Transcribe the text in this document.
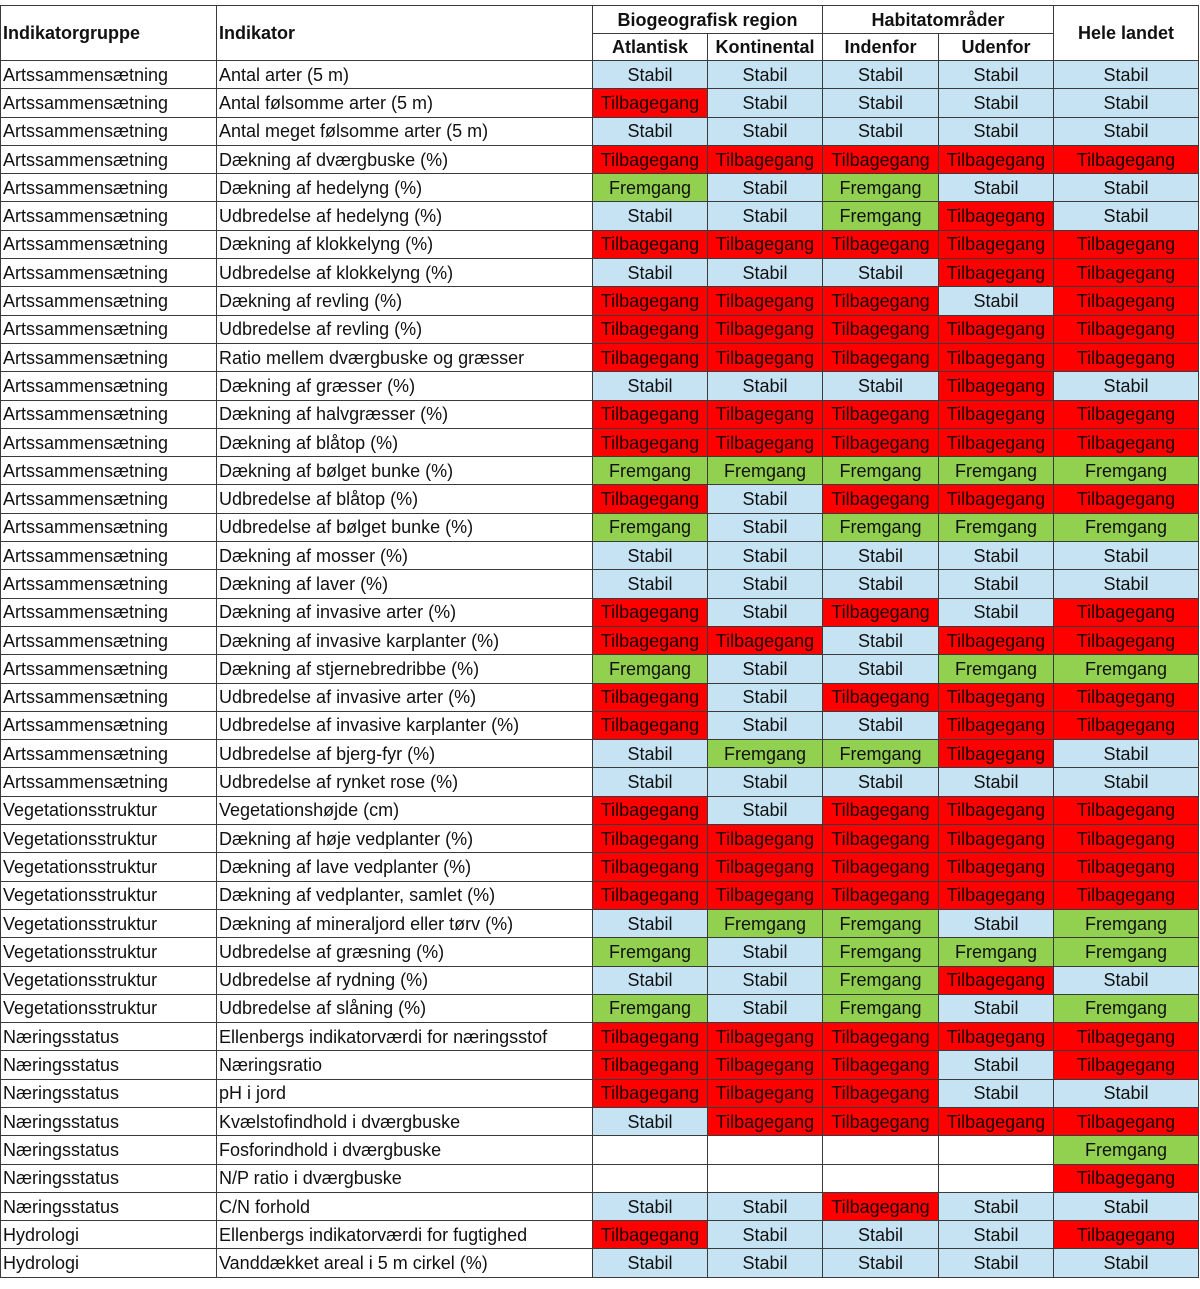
Indikatorgruppe	Indikator	Biogeografisk region		Habitatområder		Hele landet
		Atlantisk	Kontinental	Indenfor	Udenfor	
Artssammensætning	Antal arter (5 m)	Stabil	Stabil	Stabil	Stabil	Stabil
Artssammensætning	Antal følsomme arter (5 m)	Tilbagegang	Stabil	Stabil	Stabil	Stabil
Artssammensætning	Antal meget følsomme arter (5 m)	Stabil	Stabil	Stabil	Stabil	Stabil
Artssammensætning	Dækning af dværgbuske (%)	Tilbagegang	Tilbagegang	Tilbagegang	Tilbagegang	Tilbagegang
Artssammensætning	Dækning af hedelyng (%)	Fremgang	Stabil	Fremgang	Stabil	Stabil
Artssammensætning	Udbredelse af hedelyng (%)	Stabil	Stabil	Fremgang	Tilbagegang	Stabil
Artssammensætning	Dækning af klokkelyng (%)	Tilbagegang	Tilbagegang	Tilbagegang	Tilbagegang	Tilbagegang
Artssammensætning	Udbredelse af klokkelyng (%)	Stabil	Stabil	Stabil	Tilbagegang	Tilbagegang
Artssammensætning	Dækning af revling (%)	Tilbagegang	Tilbagegang	Tilbagegang	Stabil	Tilbagegang
Artssammensætning	Udbredelse af revling (%)	Tilbagegang	Tilbagegang	Tilbagegang	Tilbagegang	Tilbagegang
Artssammensætning	Ratio mellem dværgbuske og græsser	Tilbagegang	Tilbagegang	Tilbagegang	Tilbagegang	Tilbagegang
Artssammensætning	Dækning af græsser (%)	Stabil	Stabil	Stabil	Tilbagegang	Stabil
Artssammensætning	Dækning af halvgræsser (%)	Tilbagegang	Tilbagegang	Tilbagegang	Tilbagegang	Tilbagegang
Artssammensætning	Dækning af blåtop (%)	Tilbagegang	Tilbagegang	Tilbagegang	Tilbagegang	Tilbagegang
Artssammensætning	Dækning af bølget bunke (%)	Fremgang	Fremgang	Fremgang	Fremgang	Fremgang
Artssammensætning	Udbredelse af blåtop (%)	Tilbagegang	Stabil	Tilbagegang	Tilbagegang	Tilbagegang
Artssammensætning	Udbredelse af bølget bunke (%)	Fremgang	Stabil	Fremgang	Fremgang	Fremgang
Artssammensætning	Dækning af mosser (%)	Stabil	Stabil	Stabil	Stabil	Stabil
Artssammensætning	Dækning af laver (%)	Stabil	Stabil	Stabil	Stabil	Stabil
Artssammensætning	Dækning af invasive arter (%)	Tilbagegang	Stabil	Tilbagegang	Stabil	Tilbagegang
Artssammensætning	Dækning af invasive karplanter (%)	Tilbagegang	Tilbagegang	Stabil	Tilbagegang	Tilbagegang
Artssammensætning	Dækning af stjernebredribbe (%)	Fremgang	Stabil	Stabil	Fremgang	Fremgang
Artssammensætning	Udbredelse af invasive arter (%)	Tilbagegang	Stabil	Tilbagegang	Tilbagegang	Tilbagegang
Artssammensætning	Udbredelse af invasive karplanter (%)	Tilbagegang	Stabil	Stabil	Tilbagegang	Tilbagegang
Artssammensætning	Udbredelse af bjerg-fyr (%)	Stabil	Fremgang	Fremgang	Tilbagegang	Stabil
Artssammensætning	Udbredelse af rynket rose (%)	Stabil	Stabil	Stabil	Stabil	Stabil
Vegetationsstruktur	Vegetationshøjde (cm)	Tilbagegang	Stabil	Tilbagegang	Tilbagegang	Tilbagegang
Vegetationsstruktur	Dækning af høje vedplanter (%)	Tilbagegang	Tilbagegang	Tilbagegang	Tilbagegang	Tilbagegang
Vegetationsstruktur	Dækning af lave vedplanter (%)	Tilbagegang	Tilbagegang	Tilbagegang	Tilbagegang	Tilbagegang
Vegetationsstruktur	Dækning af vedplanter, samlet (%)	Tilbagegang	Tilbagegang	Tilbagegang	Tilbagegang	Tilbagegang
Vegetationsstruktur	Dækning af mineraljord eller tørv (%)	Stabil	Fremgang	Fremgang	Stabil	Fremgang
Vegetationsstruktur	Udbredelse af græsning (%)	Fremgang	Stabil	Fremgang	Fremgang	Fremgang
Vegetationsstruktur	Udbredelse af rydning (%)	Stabil	Stabil	Fremgang	Tilbagegang	Stabil
Vegetationsstruktur	Udbredelse af slåning (%)	Fremgang	Stabil	Fremgang	Stabil	Fremgang
Næringsstatus	Ellenbergs indikatorværdi for næringsstof	Tilbagegang	Tilbagegang	Tilbagegang	Tilbagegang	Tilbagegang
Næringsstatus	Næringsratio	Tilbagegang	Tilbagegang	Tilbagegang	Stabil	Tilbagegang
Næringsstatus	pH i jord	Tilbagegang	Tilbagegang	Tilbagegang	Stabil	Stabil
Næringsstatus	Kvælstofindhold i dværgbuske	Stabil	Tilbagegang	Tilbagegang	Tilbagegang	Tilbagegang
Næringsstatus	Fosforindhold i dværgbuske					Fremgang
Næringsstatus	N/P ratio i dværgbuske					Tilbagegang
Næringsstatus	C/N forhold	Stabil	Stabil	Tilbagegang	Stabil	Stabil
Hydrologi	Ellenbergs indikatorværdi for fugtighed	Tilbagegang	Stabil	Stabil	Stabil	Tilbagegang
Hydrologi	Vanddækket areal i 5 m cirkel (%)	Stabil	Stabil	Stabil	Stabil	Stabil
